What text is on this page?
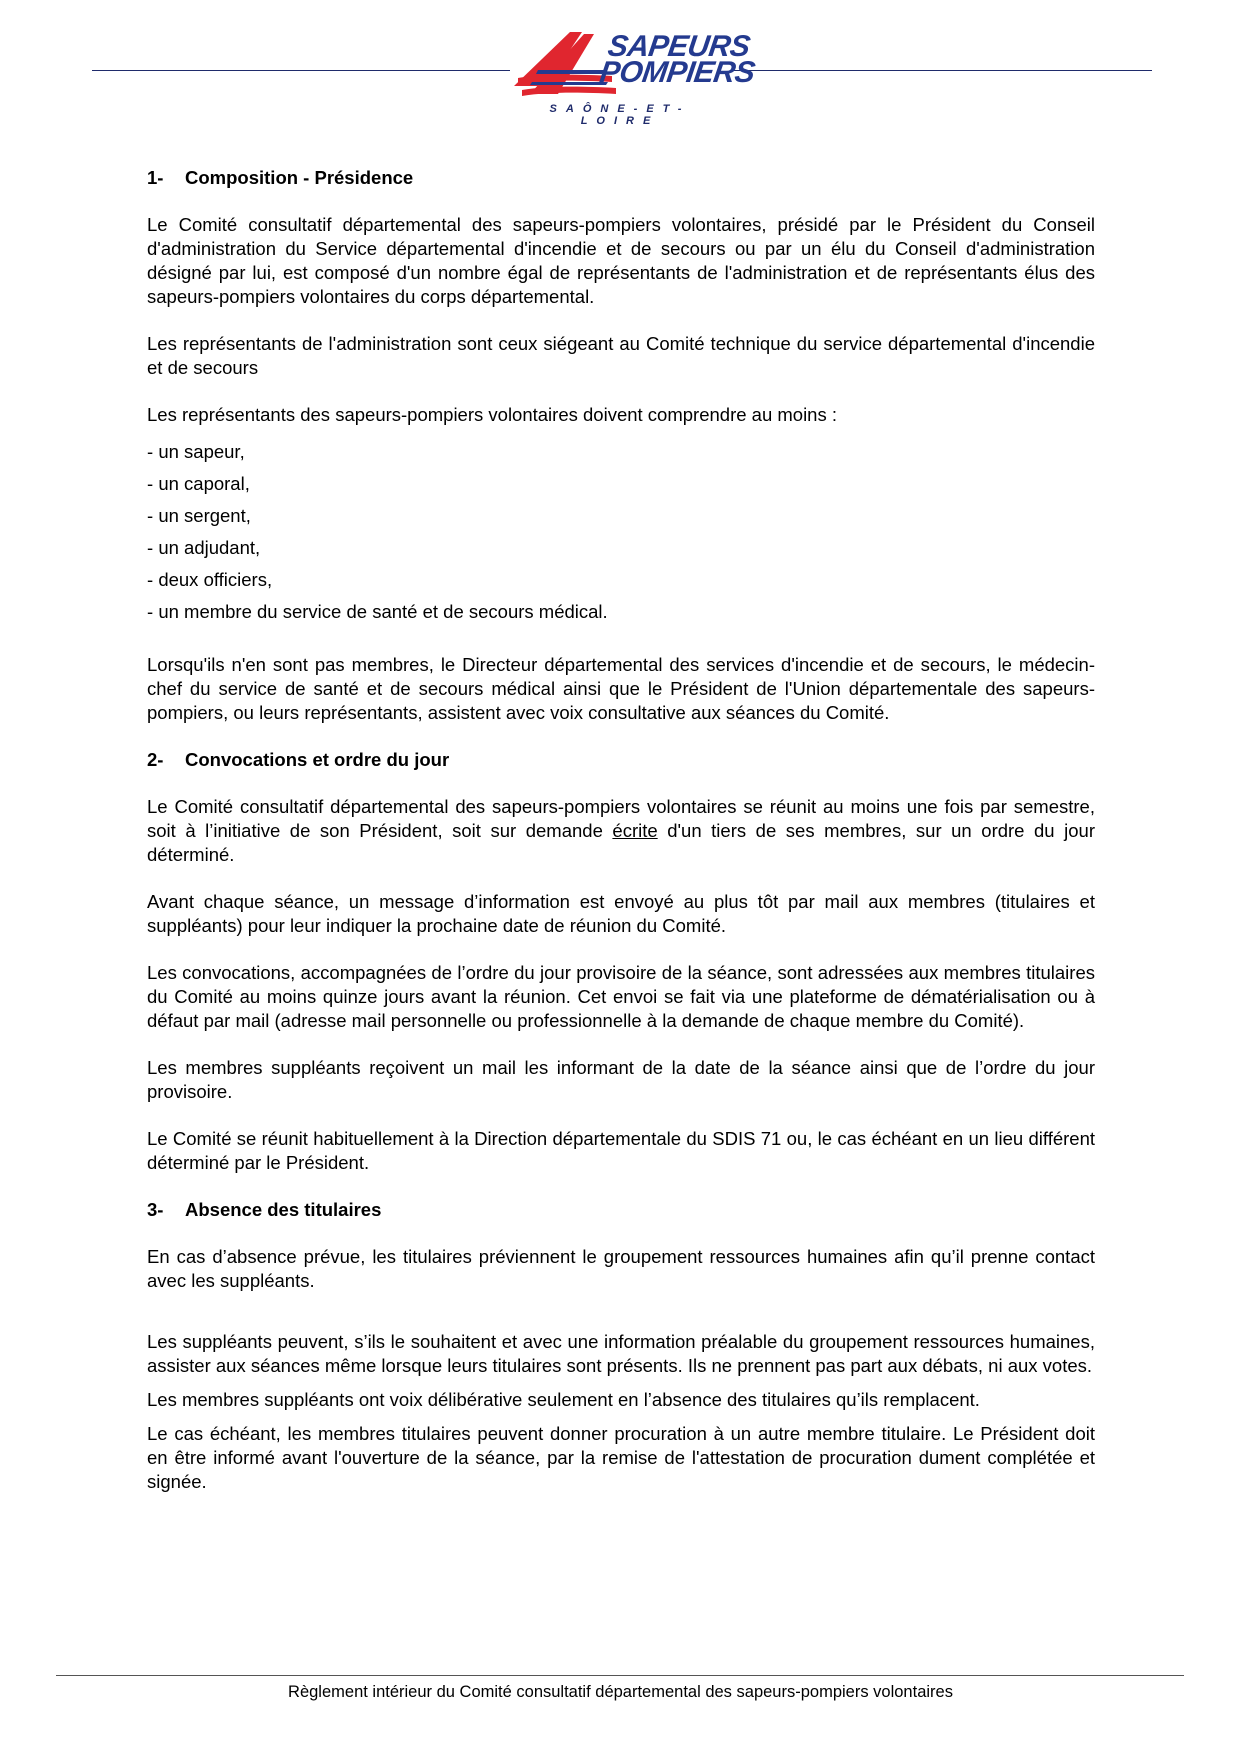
SAPEURS
POMPIERS
SAÔNE-ET-LOIRE
1- Composition - Présidence

Le Comité consultatif départemental des sapeurs-pompiers volontaires, présidé par le Président du Conseil d'administration du Service départemental d'incendie et de secours ou par un élu du Conseil d'administration désigné par lui, est composé d'un nombre égal de représentants de l'administration et de représentants élus des sapeurs-pompiers volontaires du corps départemental.

Les représentants de l'administration sont ceux siégeant au Comité technique du service départemental d'incendie et de secours

Les représentants des sapeurs-pompiers volontaires doivent comprendre au moins :

- un sapeur,
- un caporal,
- un sergent,
- un adjudant,
- deux officiers,
- un membre du service de santé et de secours médical.

Lorsqu'ils n'en sont pas membres, le Directeur départemental des services d'incendie et de secours, le médecin-chef du service de santé et de secours médical ainsi que le Président de l'Union départementale des sapeurs-pompiers, ou leurs représentants, assistent avec voix consultative aux séances du Comité.

2- Convocations et ordre du jour

Le Comité consultatif départemental des sapeurs-pompiers volontaires se réunit au moins une fois par semestre, soit à l’initiative de son Président, soit sur demande écrite d'un tiers de ses membres, sur un ordre du jour déterminé.

Avant chaque séance, un message d’information est envoyé au plus tôt par mail aux membres (titulaires et suppléants) pour leur indiquer la prochaine date de réunion du Comité.

Les convocations, accompagnées de l’ordre du jour provisoire de la séance, sont adressées aux membres titulaires du Comité au moins quinze jours avant la réunion. Cet envoi se fait via une plateforme de dématérialisation ou à défaut par mail (adresse mail personnelle ou professionnelle à la demande de chaque membre du Comité).

Les membres suppléants reçoivent un mail les informant de la date de la séance ainsi que de l’ordre du jour provisoire.

Le Comité se réunit habituellement à la Direction départementale du SDIS 71 ou, le cas échéant en un lieu différent déterminé par le Président.

3- Absence des titulaires

En cas d’absence prévue, les titulaires préviennent le groupement ressources humaines afin qu’il prenne contact avec les suppléants.

Les suppléants peuvent, s’ils le souhaitent et avec une information préalable du groupement ressources humaines, assister aux séances même lorsque leurs titulaires sont présents. Ils ne prennent pas part aux débats, ni aux votes.

Les membres suppléants ont voix délibérative seulement en l’absence des titulaires qu’ils remplacent.

Le cas échéant, les membres titulaires peuvent donner procuration à un autre membre titulaire. Le Président doit en être informé avant l'ouverture de la séance, par la remise de l'attestation de procuration dument complétée et signée.

Règlement intérieur du Comité consultatif départemental des sapeurs-pompiers volontaires
